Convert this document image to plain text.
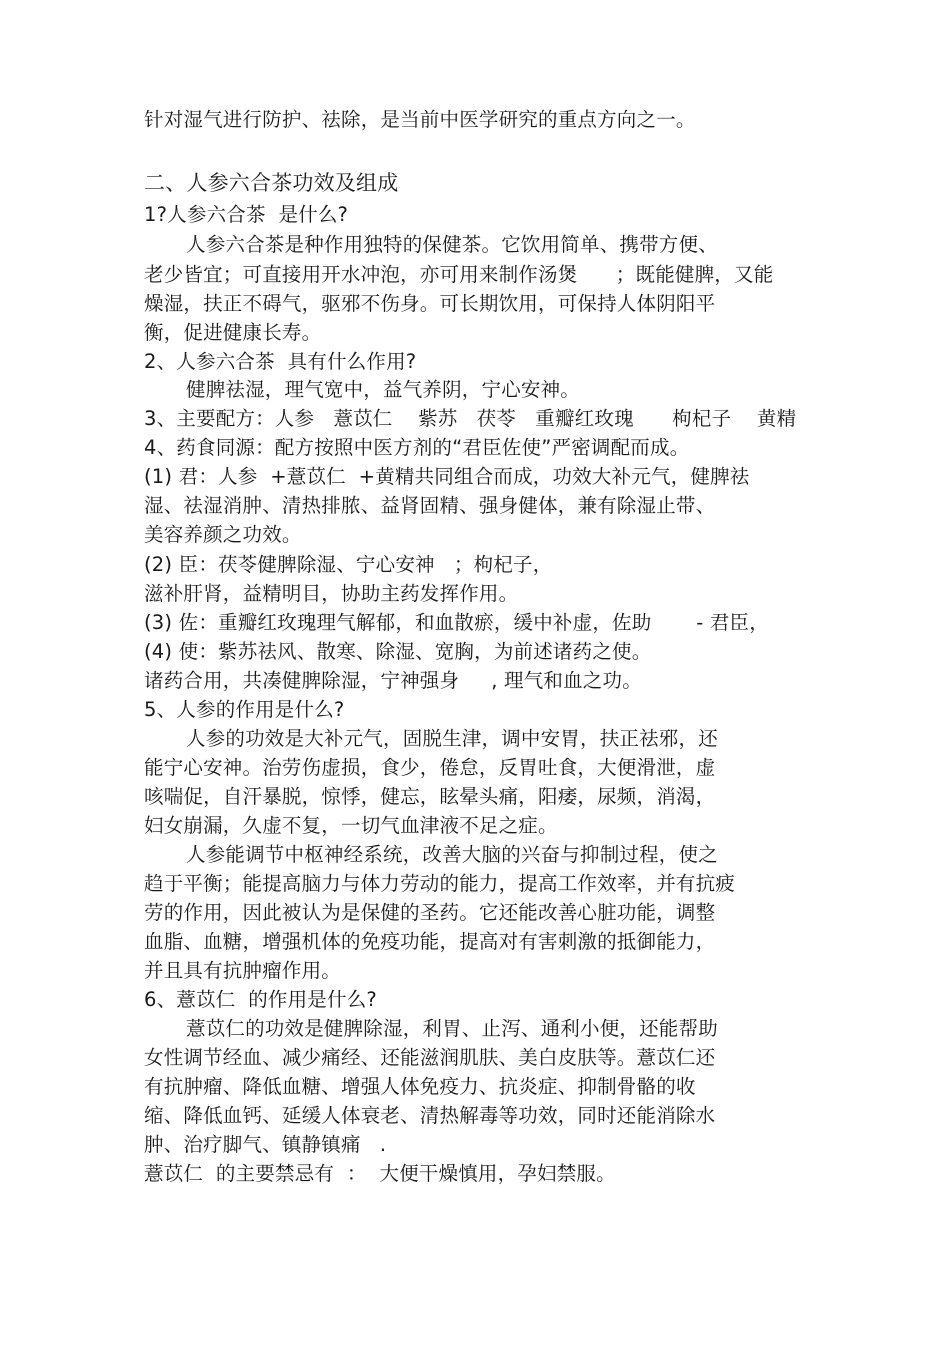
针对湿气进行防护、祛除，是当前中医学研究的重点方向之一。
二、人参六合茶功效及组成
1?人参六合茶  是什么?
人参六合茶是种作用独特的保健茶。它饮用简单、携带方便、
老少皆宜；可直接用开水冲泡，亦可用来制作汤煲      ；既能健脾，又能
燥湿，扶正不碍气，驱邪不伤身。可长期饮用，可保持人体阴阳平
衡，促进健康长寿。
2、人参六合茶  具有什么作用?
健脾祛湿，理气宽中，益气养阴，宁心安神。
3、主要配方：人参   薏苡仁    紫苏   茯苓   重瓣红玫瑰      枸杞子    黄精
4、药食同源：配方按照中医方剂的“君臣佐使”严密调配而成。
(1) 君：人参  +薏苡仁  +黄精共同组合而成，功效大补元气，健脾祛
湿、祛湿消肿、清热排脓、益肾固精、强身健体，兼有除湿止带、
美容养颜之功效。
(2) 臣：茯苓健脾除湿、宁心安神   ；枸杞子，
滋补肝肾，益精明目，协助主药发挥作用。
(3) 佐：重瓣红玫瑰理气解郁，和血散瘀，缓中补虚，佐助       - 君臣，
(4) 使：紫苏祛风、散寒、除湿、宽胸，为前述诸药之使。
诸药合用，共凑健脾除湿，宁神强身     , 理气和血之功。
5、人参的作用是什么?
人参的功效是大补元气，固脱生津，调中安胃，扶正祛邪，还
能宁心安神。治劳伤虚损，食少，倦怠，反胃吐食，大便滑泄，虚
咳喘促，自汗暴脱，惊悸，健忘，眩晕头痛，阳痿，尿频，消渴，
妇女崩漏，久虚不复，一切气血津液不足之症。
人参能调节中枢神经系统，改善大脑的兴奋与抑制过程，使之
趋于平衡；能提高脑力与体力劳动的能力，提高工作效率，并有抗疲
劳的作用，因此被认为是保健的圣药。它还能改善心脏功能，调整
血脂、血糖，增强机体的免疫功能，提高对有害刺激的抵御能力，
并且具有抗肿瘤作用。
6、薏苡仁  的作用是什么?
薏苡仁的功效是健脾除湿，利胃、止泻、通利小便，还能帮助
女性调节经血、减少痛经、还能滋润肌肤、美白皮肤等。薏苡仁还
有抗肿瘤、降低血糖、增强人体免疫力、抗炎症、抑制骨骼的收
缩、降低血钙、延缓人体衰老、清热解毒等功效，同时还能消除水
肿、治疗脚气、镇静镇痛   .
薏苡仁  的主要禁忌有  ：  大便干燥慎用，孕妇禁服。
